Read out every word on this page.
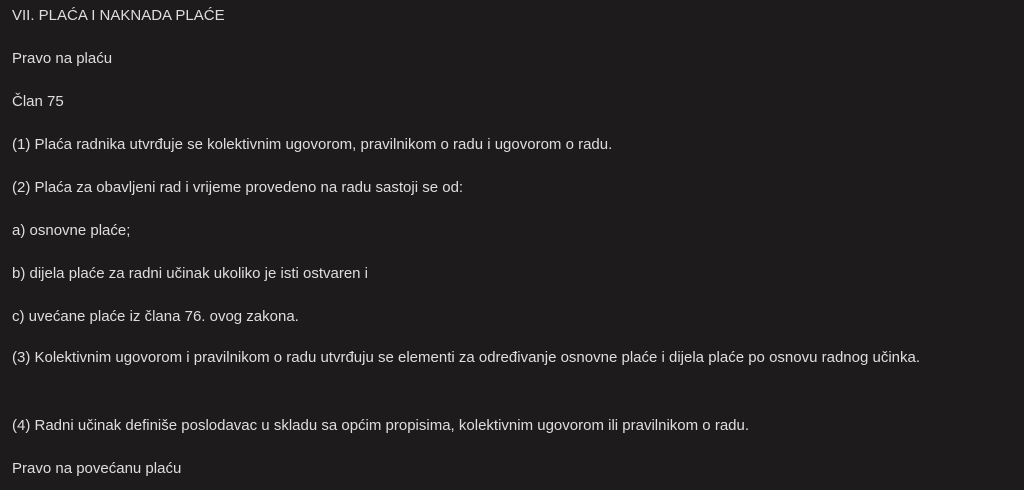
VII. PLAĆA I NAKNADA PLAĆE

Pravo na plaću

Član 75

(1) Plaća radnika utvrđuje se kolektivnim ugovorom, pravilnikom o radu i ugovorom o radu.

(2) Plaća za obavljeni rad i vrijeme provedeno na radu sastoji se od:

a) osnovne plaće;

b) dijela plaće za radni učinak ukoliko je isti ostvaren i

c) uvećane plaće iz člana 76. ovog zakona.

(3) Kolektivnim ugovorom i pravilnikom o radu utvrđuju se elementi za određivanje osnovne plaće i dijela plaće po osnovu radnog učinka.

(4) Radni učinak definiše poslodavac u skladu sa općim propisima, kolektivnim ugovorom ili pravilnikom o radu.

Pravo na povećanu plaću
